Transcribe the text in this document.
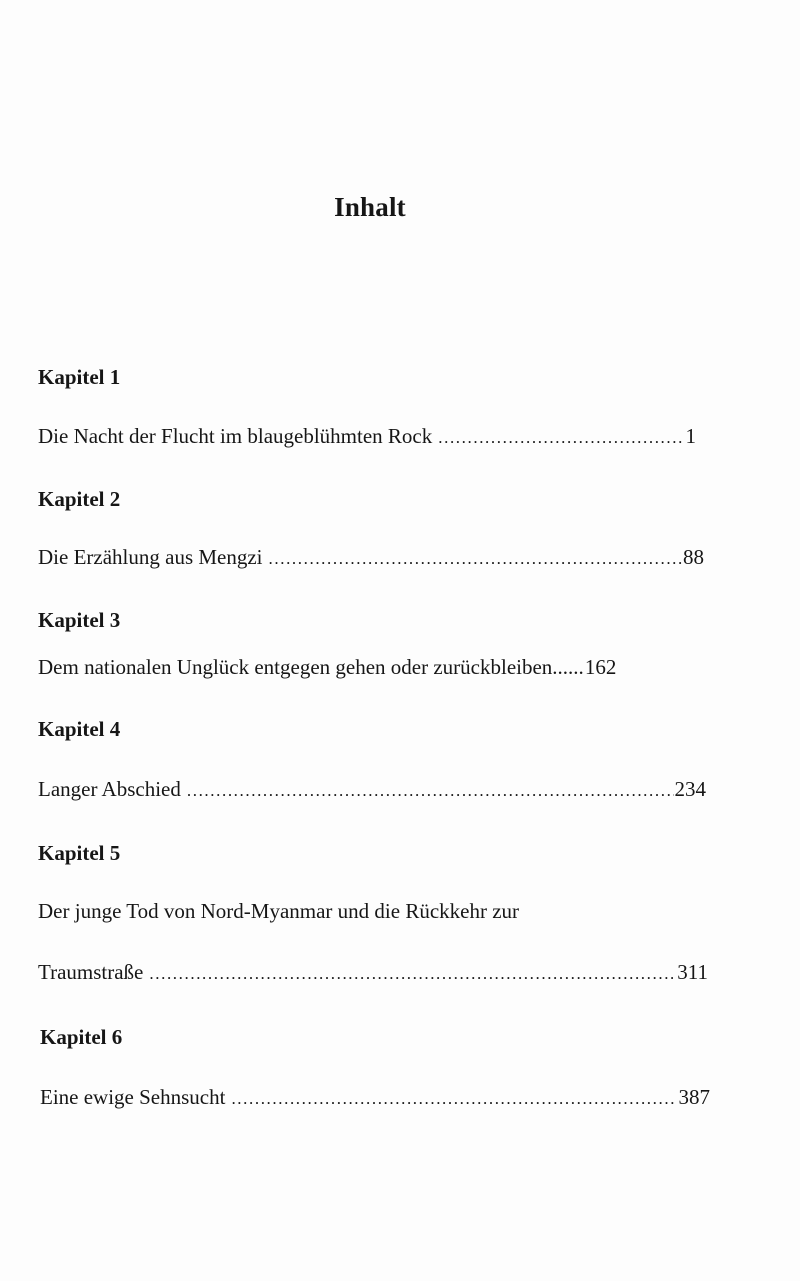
Inhalt
Kapitel 1
Die Nacht der Flucht im blaugeblühmten Rock .....	1
Kapitel 2
Die Erzählung aus Mengzi .....	88
Kapitel 3
Dem nationalen Unglück entgegen gehen oder zurückbleiben...... 162
Kapitel 4
Langer Abschied .....	234
Kapitel 5
Der junge Tod von Nord-Myanmar und die Rückkehr zur
Traumstraße .....	311
Kapitel 6
Eine ewige Sehnsucht .....	387
